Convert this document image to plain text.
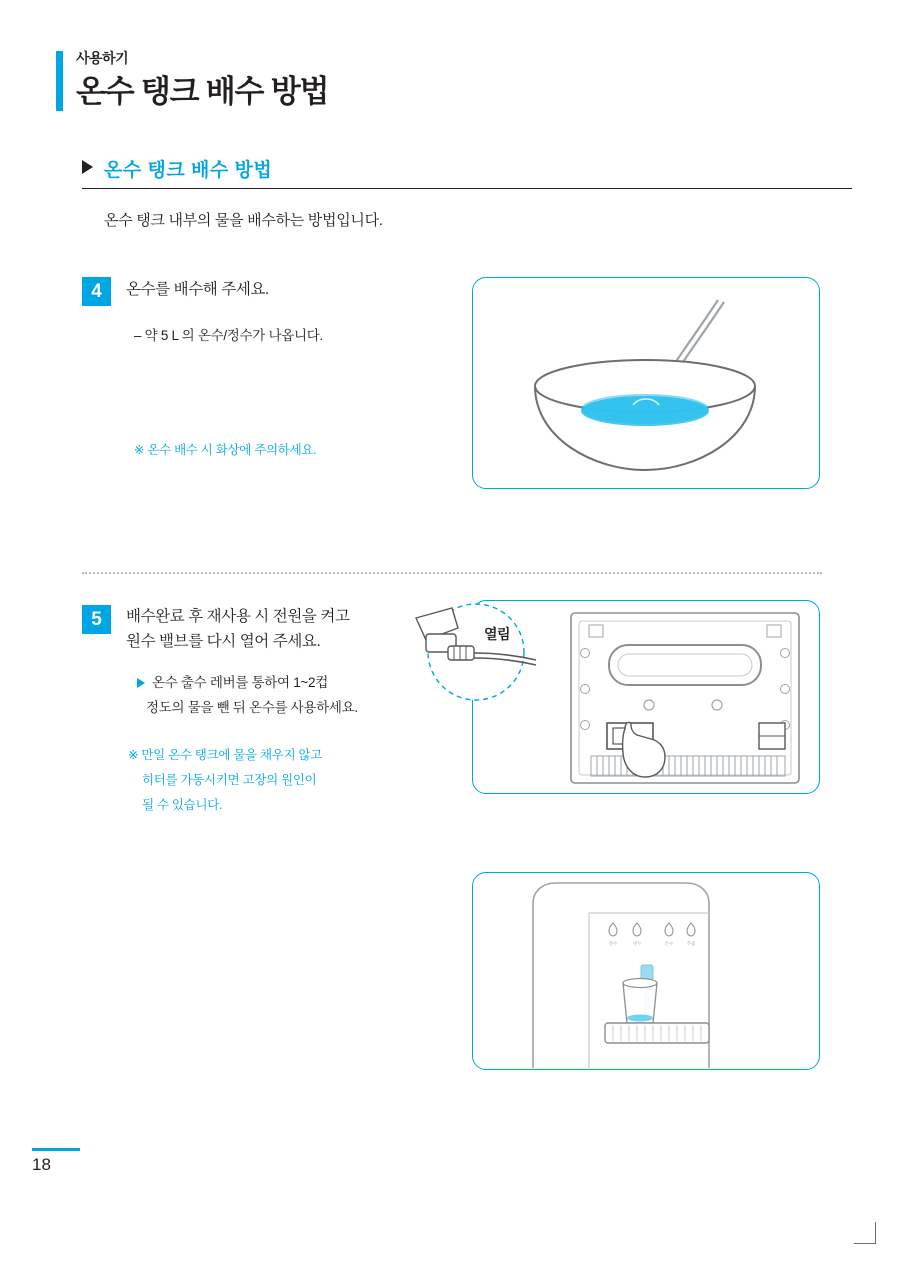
사용하기
온수 탱크 배수 방법
온수 탱크 배수 방법
온수 탱크 내부의 물을 배수하는 방법입니다.
4	온수를 배수해 주세요.
– 약 5 L 의 온수/정수가 나옵니다.
※ 온수 배수 시 화상에 주의하세요.
5	배수완료 후 재사용 시 전원을 켜고
원수 밸브를 다시 열어 주세요.
온수 출수 레버를 통하여 1~2컵
정도의 물을 뺀 뒤 온수를 사용하세요.
※ 만일 온수 탱크에 물을 채우지 않고
히터를 가동시키면 고장의 원인이
될 수 있습니다.
열림
정수	냉수	온수	추출
18
